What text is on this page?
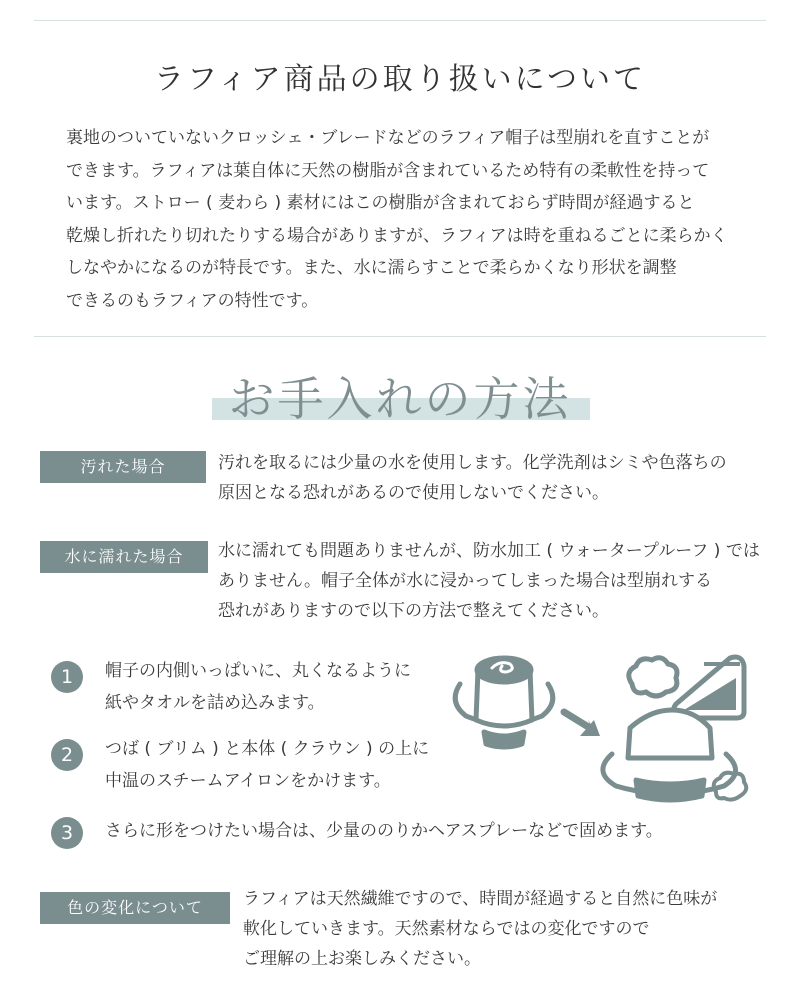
ラフィア商品の取り扱いについて
裏地のついていないクロッシェ・ブレードなどのラフィア帽子は型崩れを直すことが
できます。ラフィアは葉自体に天然の樹脂が含まれているため特有の柔軟性を持って
います。ストロー ( 麦わら ) 素材にはこの樹脂が含まれておらず時間が経過すると
乾燥し折れたり切れたりする場合がありますが、ラフィアは時を重ねるごとに柔らかく
しなやかになるのが特長です。また、水に濡らすことで柔らかくなり形状を調整
できるのもラフィアの特性です。
お手入れの方法
汚れた場合	汚れを取るには少量の水を使用します。化学洗剤はシミや色落ちの
原因となる恐れがあるので使用しないでください。
水に濡れた場合	水に濡れても問題ありませんが、防水加工 ( ウォータープルーフ ) では
ありません。帽子全体が水に浸かってしまった場合は型崩れする
恐れがありますので以下の方法で整えてください。
1	帽子の内側いっぱいに、丸くなるように
紙やタオルを詰め込みます。
2	つば ( ブリム ) と本体 ( クラウン ) の上に
中温のスチームアイロンをかけます。
3	さらに形をつけたい場合は、少量ののりかヘアスプレーなどで固めます。
色の変化について	ラフィアは天然繊維ですので、時間が経過すると自然に色味が
軟化していきます。天然素材ならではの変化ですので
ご理解の上お楽しみください。
